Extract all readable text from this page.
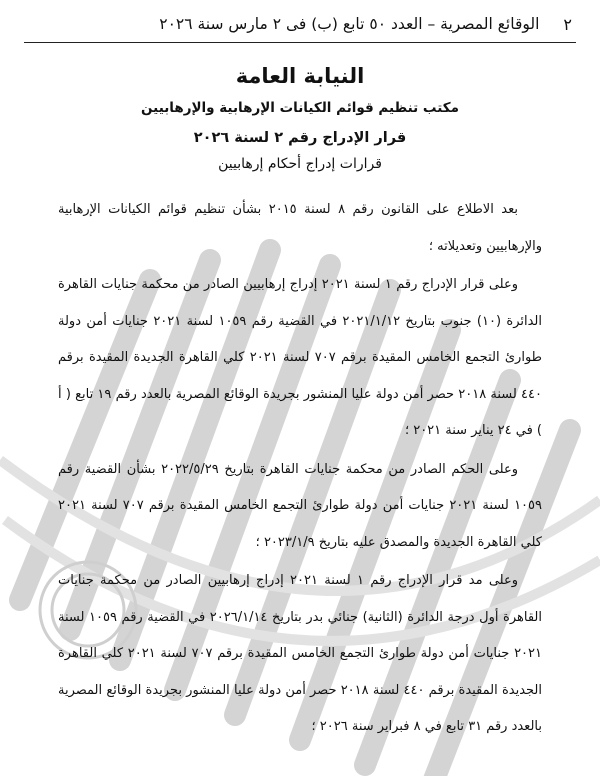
٢
الوقائع المصرية – العدد ٥٠ تابع (ب) فى ٢ مارس سنة ٢٠٢٦
النيابة العامة
مكتب تنظيم قوائم الكيانات الإرهابية والإرهابيين
قرار الإدراج رقم ٢ لسنة ٢٠٢٦
قرارات إدراج أحكام إرهابيين

بعد الاطلاع على القانون رقم ٨ لسنة ٢٠١٥ بشأن تنظيم قوائم الكيانات الإرهابية والإرهابيين وتعديلاته ؛

وعلى قرار الإدراج رقم ١ لسنة ٢٠٢١ إدراج إرهابيين الصادر من محكمة جنايات القاهرة الدائرة (١٠) جنوب بتاريخ ٢٠٢١/١/١٢ في القضية رقم ١٠٥٩ لسنة ٢٠٢١ جنايات أمن دولة طوارئ التجمع الخامس المقيدة برقم ٧٠٧ لسنة ٢٠٢١ كلي القاهرة الجديدة المقيدة برقم ٤٤٠ لسنة ٢٠١٨ حصر أمن دولة عليا المنشور بجريدة الوقائع المصرية بالعدد رقم ١٩ تابع ( أ ) في ٢٤ يناير سنة ٢٠٢١ ؛

وعلى الحكم الصادر من محكمة جنايات القاهرة بتاريخ ٢٠٢٢/٥/٢٩ بشأن القضية رقم ١٠٥٩ لسنة ٢٠٢١ جنايات أمن دولة طوارئ التجمع الخامس المقيدة برقم ٧٠٧ لسنة ٢٠٢١ كلي القاهرة الجديدة والمصدق عليه بتاريخ ٢٠٢٣/١/٩ ؛

وعلى مد قرار الإدراج رقم ١ لسنة ٢٠٢١ إدراج إرهابيين الصادر من محكمة جنايات القاهرة أول درجة الدائرة (الثانية) جنائي بدر بتاريخ ٢٠٢٦/١/١٤ في القضية رقم ١٠٥٩ لسنة ٢٠٢١ جنايات أمن دولة طوارئ التجمع الخامس المقيدة برقم ٧٠٧ لسنة ٢٠٢١ كلي القاهرة الجديدة المقيدة برقم ٤٤٠ لسنة ٢٠١٨ حصر أمن دولة عليا المنشور بجريدة الوقائع المصرية بالعدد رقم ٣١ تابع في ٨ فبراير سنة ٢٠٢٦ ؛
